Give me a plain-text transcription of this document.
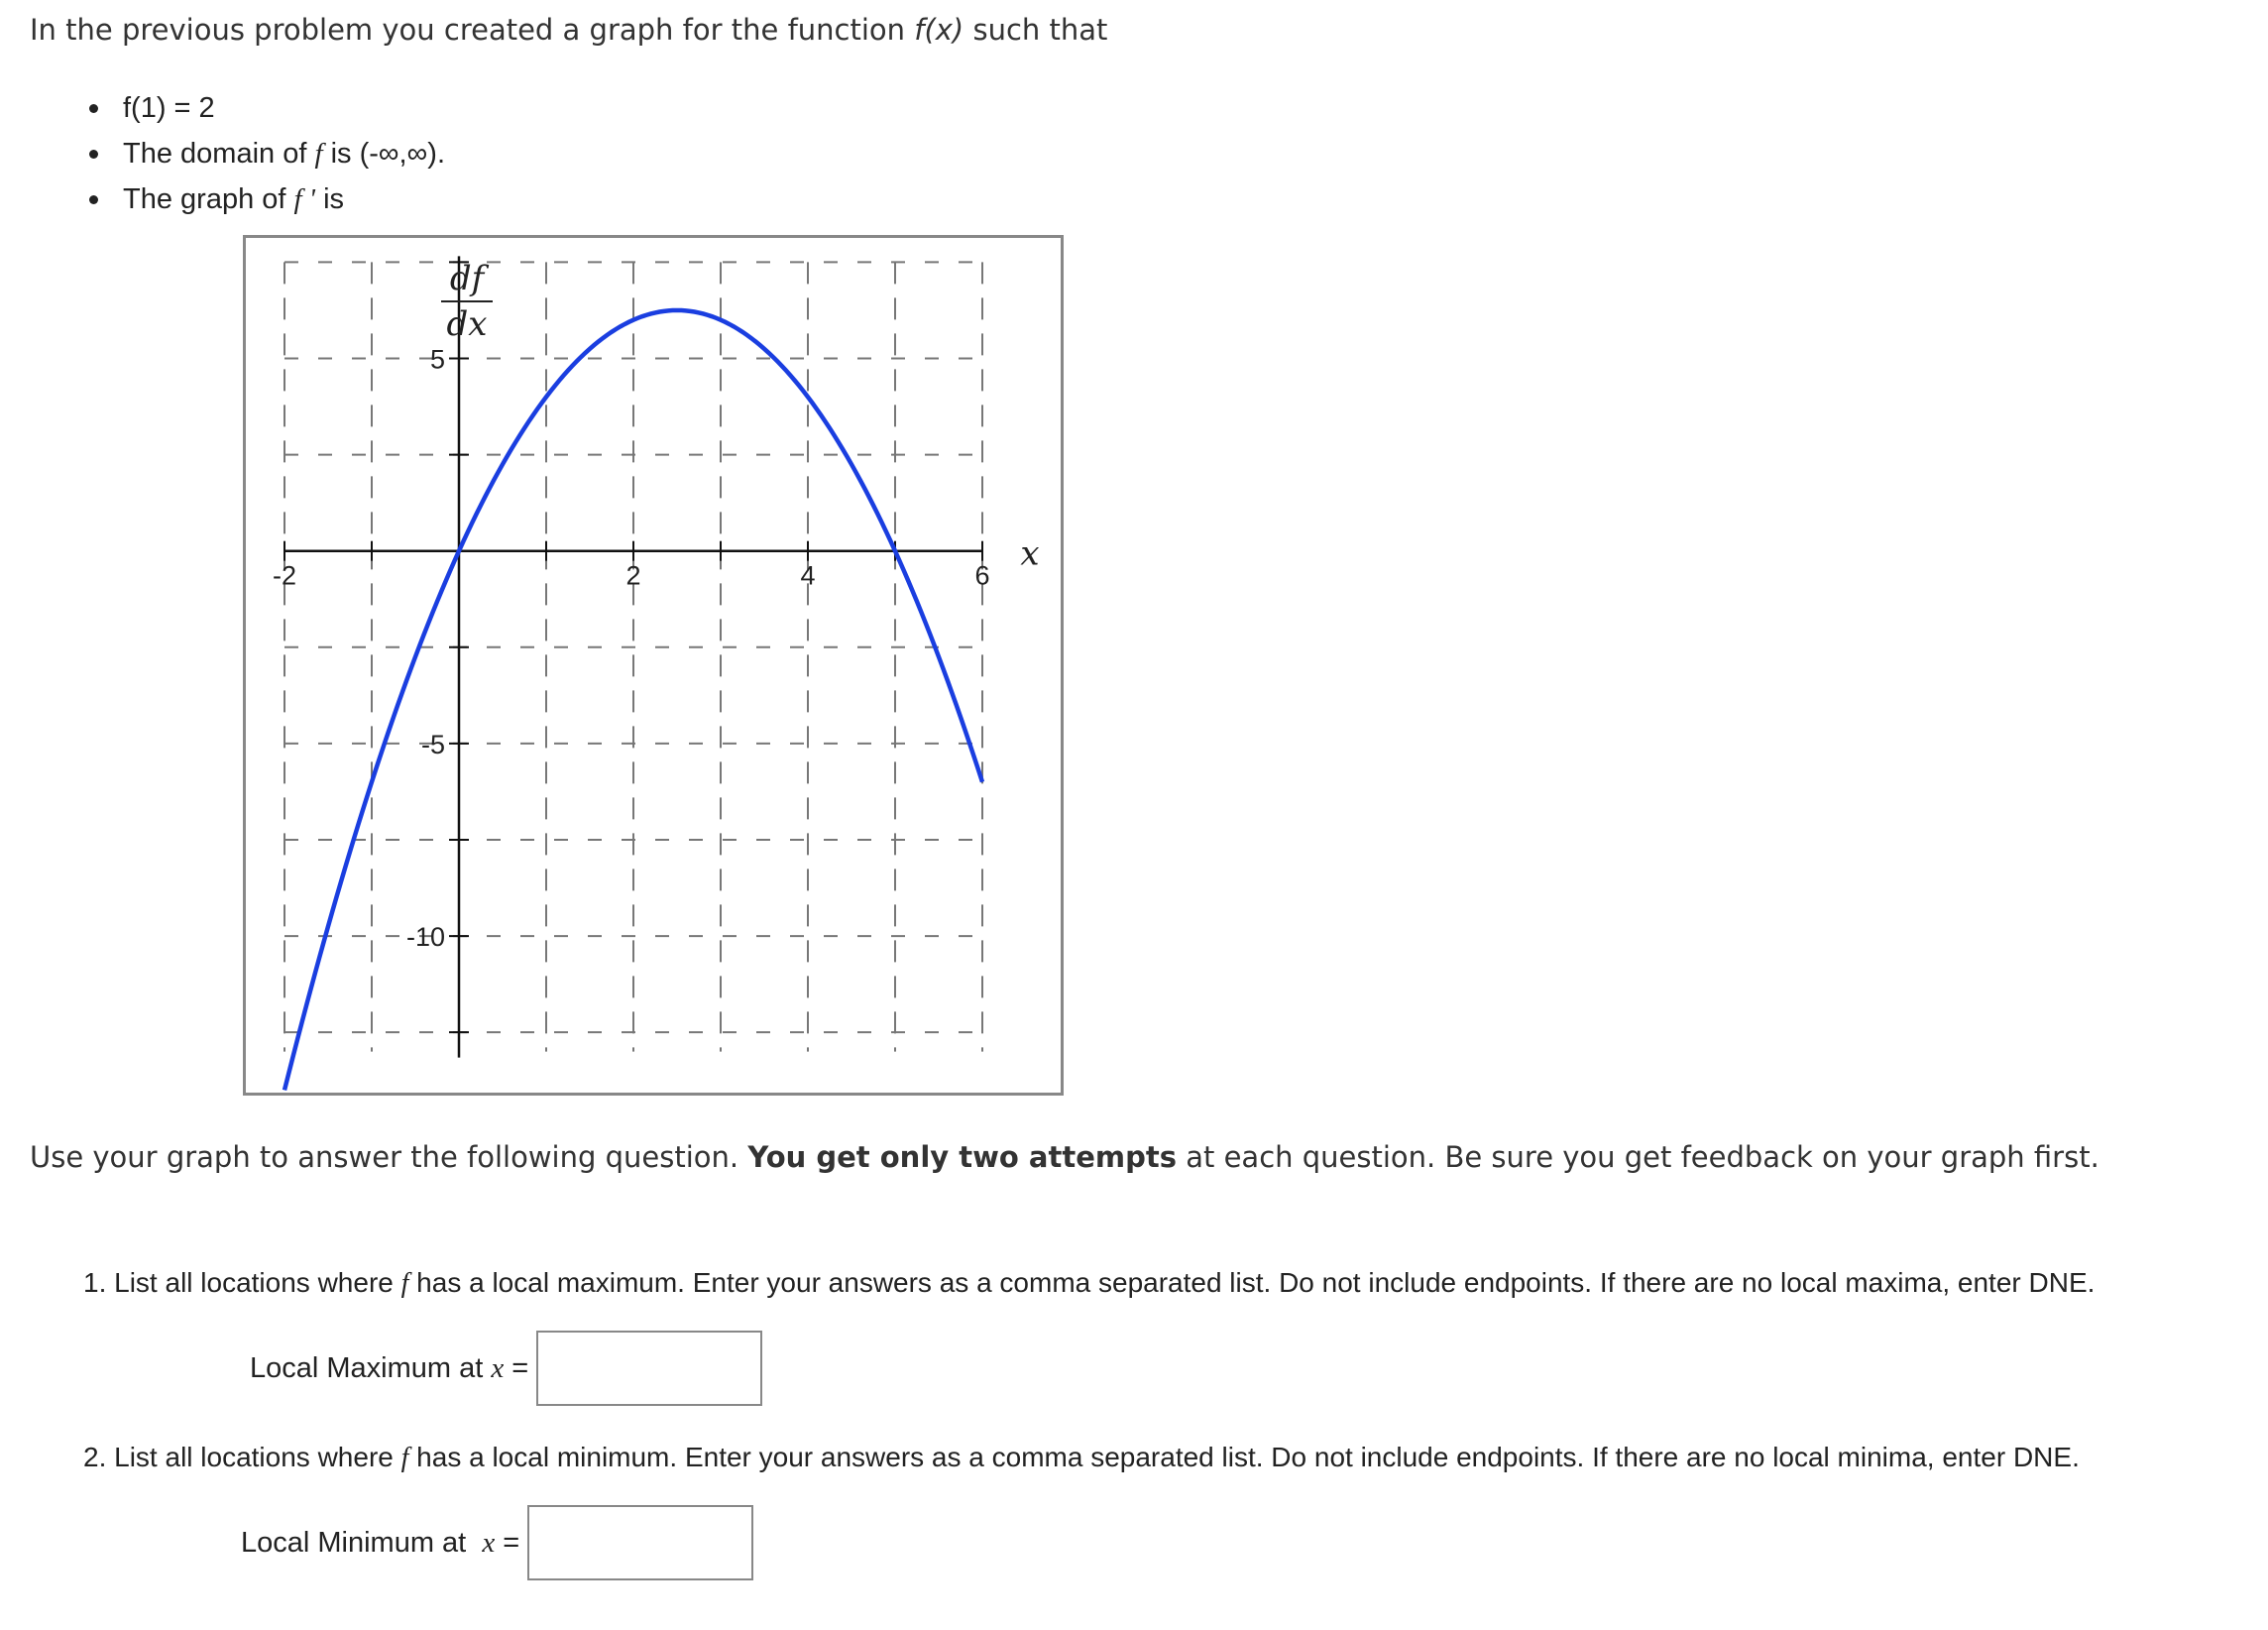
In the previous problem you created a graph for the function f(x) such that

f(1) = 2
The domain of f is (-∞,∞).
The graph of f ' is
-2	2	4	6
5
-5
-10
df
dx
x

Use your graph to answer the following question. You get only two attempts at each question. Be sure you get feedback on your graph first.

1. List all locations where f has a local maximum. Enter your answers as a comma separated list. Do not include endpoints. If there are no local maxima, enter DNE.

Local Maximum at x =

2. List all locations where f has a local minimum. Enter your answers as a comma separated list. Do not include endpoints. If there are no local minima, enter DNE.

Local Minimum at  x =
